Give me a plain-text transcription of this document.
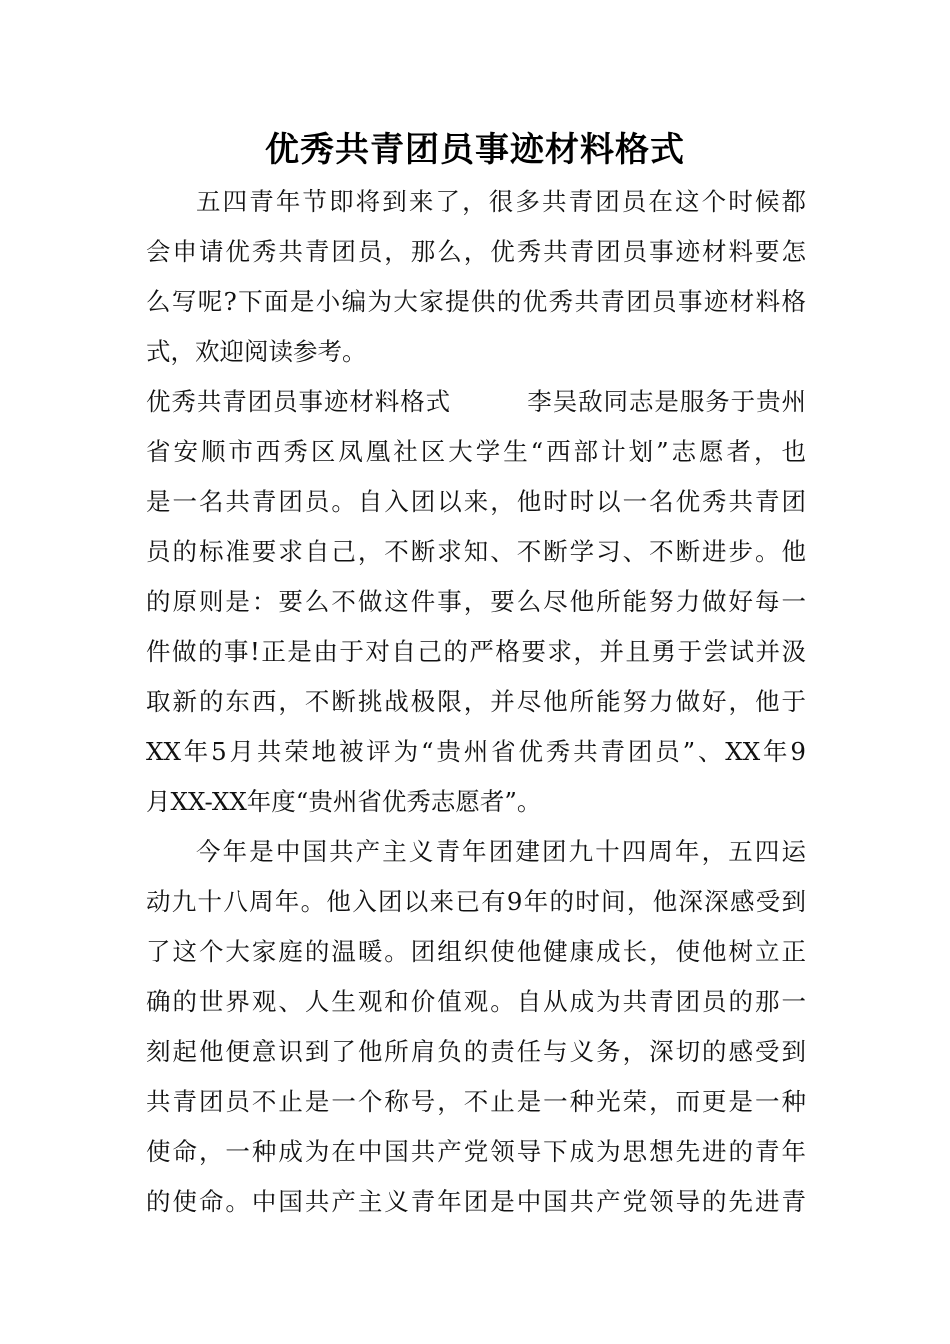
优秀共青团员事迹材料格式
五四青年节即将到来了，很多共青团员在这个时候都
会申请优秀共青团员，那么，优秀共青团员事迹材料要怎
么写呢?下面是小编为大家提供的优秀共青团员事迹材料格
式，欢迎阅读参考。
优秀共青团员事迹材料格式　　　李吴敌同志是服务于贵州
省安顺市西秀区凤凰社区大学生“西部计划”志愿者，也
是一名共青团员。自入团以来，他时时以一名优秀共青团
员的标准要求自己，不断求知、不断学习、不断进步。他
的原则是：要么不做这件事，要么尽他所能努力做好每一
件做的事!正是由于对自己的严格要求，并且勇于尝试并汲
取新的东西，不断挑战极限，并尽他所能努力做好，他于
XX年5月共荣地被评为“贵州省优秀共青团员”、XX年9
月XX-XX年度“贵州省优秀志愿者”。
今年是中国共产主义青年团建团九十四周年，五四运
动九十八周年。他入团以来已有9年的时间，他深深感受到
了这个大家庭的温暖。团组织使他健康成长，使他树立正
确的世界观、人生观和价值观。自从成为共青团员的那一
刻起他便意识到了他所肩负的责任与义务，深切的感受到
共青团员不止是一个称号，不止是一种光荣，而更是一种
使命，一种成为在中国共产党领导下成为思想先进的青年
的使命。中国共产主义青年团是中国共产党领导的先进青
